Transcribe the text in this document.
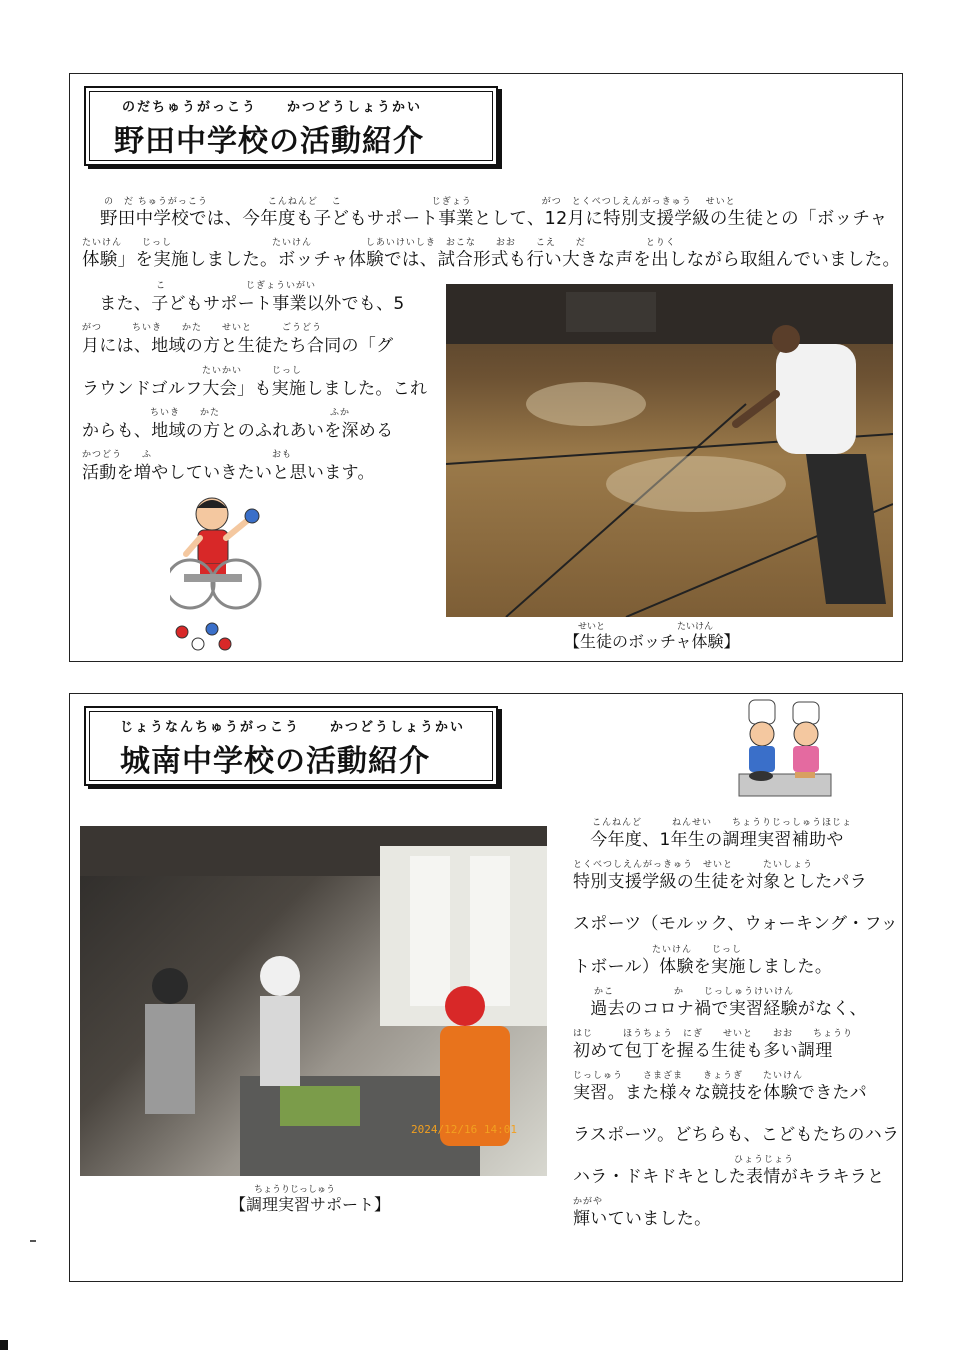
のだちゅうがっこう　　かつどうしょうかい
野田中学校の活動紹介
の　だ ちゅうがっこう　　　　　　こんねんど　 こ　　　　　　　　　じぎょう　　　　　　　がつ　とくべつしえんがっきゅう　 せいと
野田中学校では、今年度も子どもサポート事業として、12月に特別支援学級の生徒との「ボッチャ
たいけん　　じっし　　　　　　　　　　たいけん　　　　　 しあいけいしき　おこな　　おお　　こえ　　だ　　　　　　とりく
体験」を実施しました。ボッチャ体験では、試合形式も行い大きな声を出しながら取組んでいました。
こ　　　　　　　　じぎょういがい
　また、子どもサポート事業以外でも、5
がつ　　　ちいき　　かた　　せいと　　　ごうどう
月には、地域の方と生徒たち合同の「グ
たいかい　　　じっし
ラウンドゴルフ大会」も実施しました。これ
ちいき　　かた　　　　　　　　　　　ふか
からも、地域の方とのふれあいを深める
かつどう　　ふ　　　　　　　　　　　　おも
活動を増やしていきたいと思います。
せいと　　　　　　　　たいけん
【生徒のボッチャ体験】
じょうなんちゅうがっこう　　かつどうしょうかい
城南中学校の活動紹介
2024/12/16 14:01
ちょうりじっしゅう
【調理実習サポート】
こんねんど　　　ねんせい　　ちょうりじっしゅうほじょ
　今年度、1年生の調理実習補助や
とくべつしえんがっきゅう　せいと　　　たいしょう
特別支援学級の生徒を対象としたパラ
スポーツ（モルック、ウォーキング・フッ
たいけん　　じっし
トボール）体験を実施しました。
かこ　　　　　　か　　じっしゅうけいけん
　過去のコロナ禍で実習経験がなく、
はじ　　　ほうちょう　にぎ　　せいと　　おお　　ちょうり
初めて包丁を握る生徒も多い調理
じっしゅう　　さまざま　　きょうぎ　　たいけん
実習。また様々な競技を体験できたパ
ラスポーツ。どちらも、こどもたちのハラ
ひょうじょう
ハラ・ドキドキとした表情がキラキラと
かがや
輝いていました。
